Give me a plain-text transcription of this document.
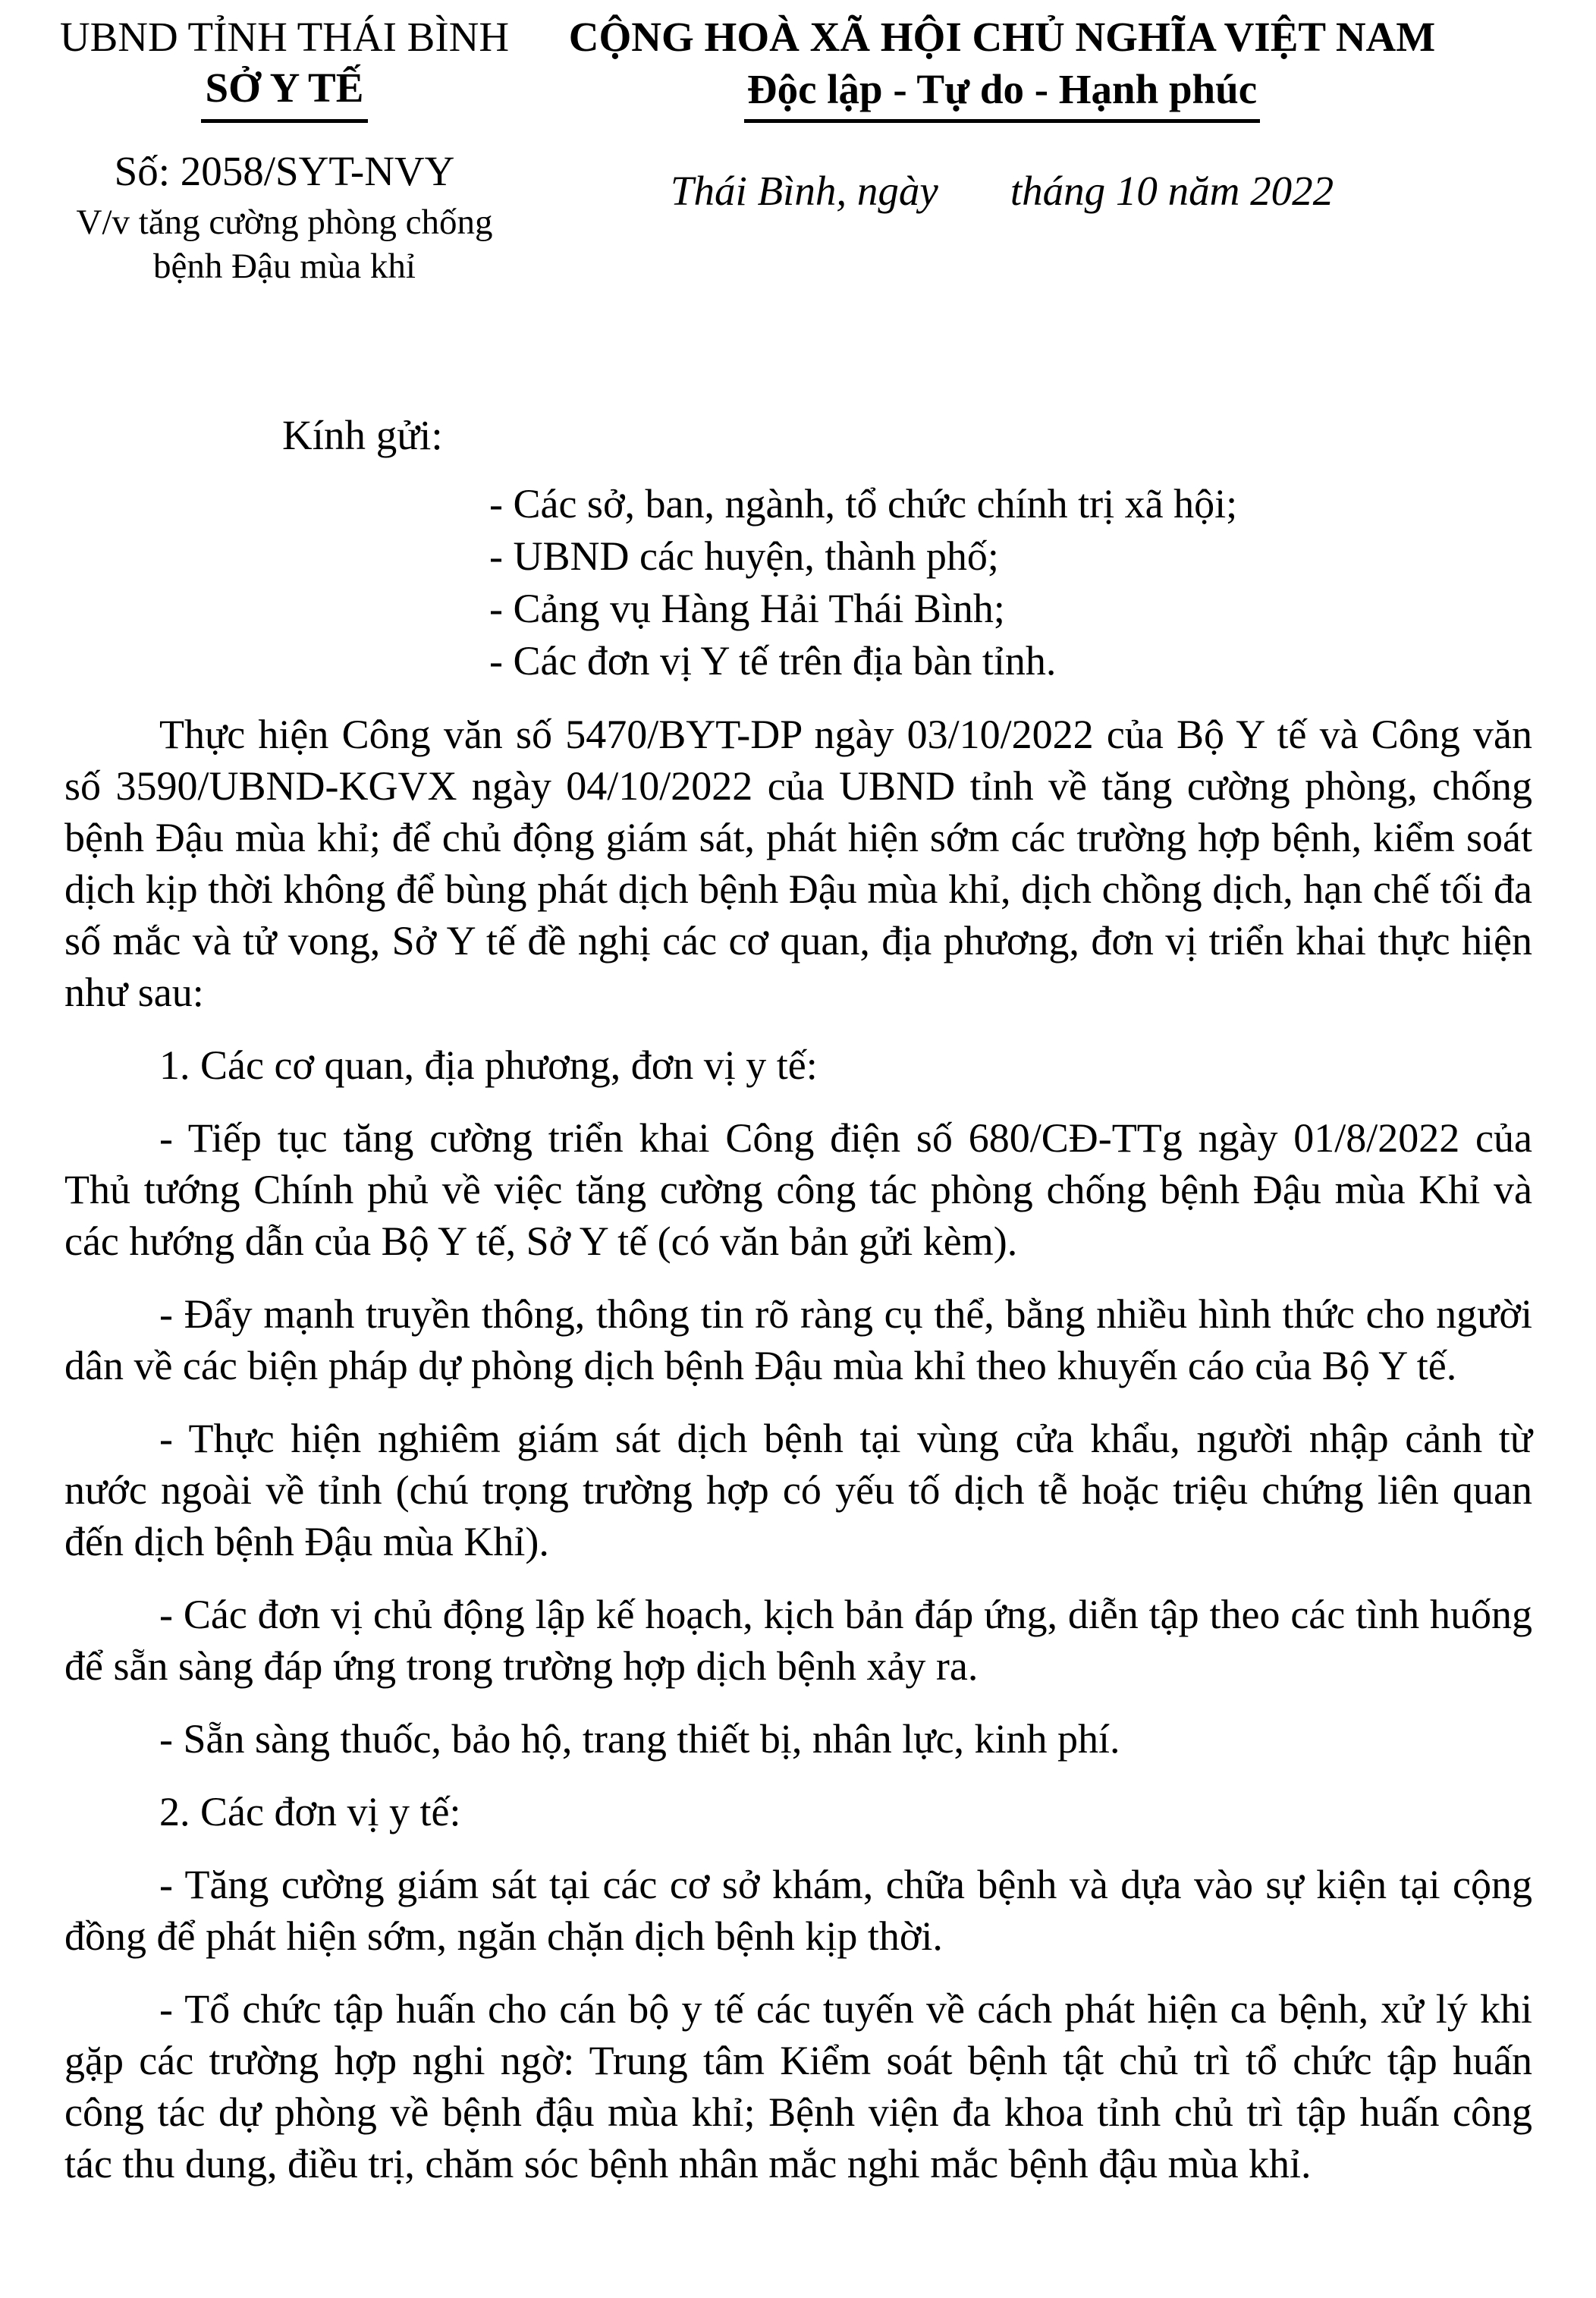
UBND TỈNH THÁI BÌNH
SỞ Y TẾ
Số: 2058/SYT-NVY
V/v tăng cường phòng chống
bệnh Đậu mùa khỉ
CỘNG HOÀ XÃ HỘI CHỦ NGHĨA VIỆT NAM
Độc lập - Tự do - Hạnh phúc
Thái Bình, ngày tháng 10 năm 2022
Kính gửi:

- Các sở, ban, ngành, tổ chức chính trị xã hội;

- UBND các huyện, thành phố;

- Cảng vụ Hàng Hải Thái Bình;

- Các đơn vị Y tế trên địa bàn tỉnh.

Thực hiện Công văn số 5470/BYT-DP ngày 03/10/2022 của Bộ Y tế và Công văn số 3590/UBND-KGVX ngày 04/10/2022 của UBND tỉnh về tăng cường phòng, chống bệnh Đậu mùa khỉ; để chủ động giám sát, phát hiện sớm các trường hợp bệnh, kiểm soát dịch kịp thời không để bùng phát dịch bệnh Đậu mùa khỉ, dịch chồng dịch, hạn chế tối đa số mắc và tử vong, Sở Y tế đề nghị các cơ quan, địa phương, đơn vị triển khai thực hiện như sau:

1. Các cơ quan, địa phương, đơn vị y tế:

- Tiếp tục tăng cường triển khai Công điện số 680/CĐ-TTg ngày 01/8/2022 của Thủ tướng Chính phủ về việc tăng cường công tác phòng chống bệnh Đậu mùa Khỉ và các hướng dẫn của Bộ Y tế, Sở Y tế (có văn bản gửi kèm).

- Đẩy mạnh truyền thông, thông tin rõ ràng cụ thể, bằng nhiều hình thức cho người dân về các biện pháp dự phòng dịch bệnh Đậu mùa khỉ theo khuyến cáo của Bộ Y tế.

- Thực hiện nghiêm giám sát dịch bệnh tại vùng cửa khẩu, người nhập cảnh từ nước ngoài về tỉnh (chú trọng trường hợp có yếu tố dịch tễ hoặc triệu chứng liên quan đến dịch bệnh Đậu mùa Khỉ).

- Các đơn vị chủ động lập kế hoạch, kịch bản đáp ứng, diễn tập theo các tình huống để sẵn sàng đáp ứng trong trường hợp dịch bệnh xảy ra.

- Sẵn sàng thuốc, bảo hộ, trang thiết bị, nhân lực, kinh phí.

2. Các đơn vị y tế:

- Tăng cường giám sát tại các cơ sở khám, chữa bệnh và dựa vào sự kiện tại cộng đồng để phát hiện sớm, ngăn chặn dịch bệnh kịp thời.

- Tổ chức tập huấn cho cán bộ y tế các tuyến về cách phát hiện ca bệnh, xử lý khi gặp các trường hợp nghi ngờ: Trung tâm Kiểm soát bệnh tật chủ trì tổ chức tập huấn công tác dự phòng về bệnh đậu mùa khỉ; Bệnh viện đa khoa tỉnh chủ trì tập huấn công tác thu dung, điều trị, chăm sóc bệnh nhân mắc nghi mắc bệnh đậu mùa khỉ.
